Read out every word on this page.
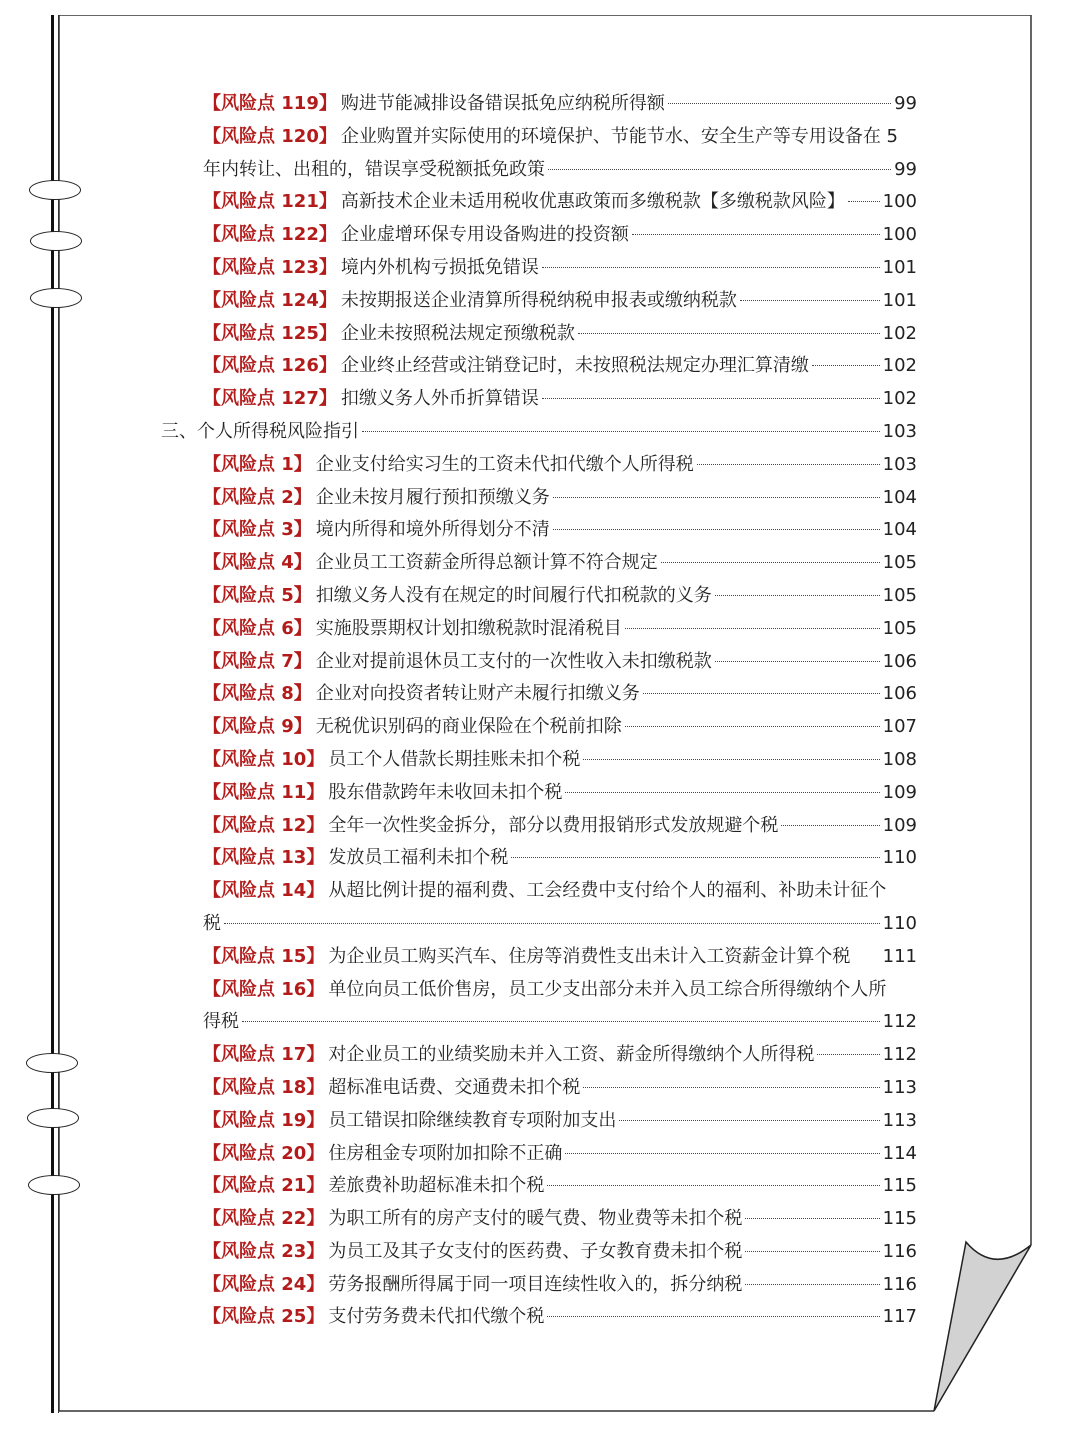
【风险点 119】 购进节能减排设备错误抵免应纳税所得额	99
【风险点 120】 企业购置并实际使用的环境保护、节能节水、安全生产等专用设备在 5
年内转让、出租的，错误享受税额抵免政策	99
【风险点 121】 高新技术企业未适用税收优惠政策而多缴税款【多缴税款风险】 100
【风险点 122】 企业虚增环保专用设备购进的投资额	100
【风险点 123】 境内外机构亏损抵免错误	101
【风险点 124】 未按期报送企业清算所得税纳税申报表或缴纳税款	101
【风险点 125】 企业未按照税法规定预缴税款	102
【风险点 126】 企业终止经营或注销登记时，未按照税法规定办理汇算清缴	102
【风险点 127】 扣缴义务人外币折算错误	102
三、个人所得税风险指引	103
【风险点 1】 企业支付给实习生的工资未代扣代缴个人所得税	103
【风险点 2】 企业未按月履行预扣预缴义务	104
【风险点 3】 境内所得和境外所得划分不清	104
【风险点 4】 企业员工工资薪金所得总额计算不符合规定	105
【风险点 5】 扣缴义务人没有在规定的时间履行代扣税款的义务	105
【风险点 6】 实施股票期权计划扣缴税款时混淆税目	105
【风险点 7】 企业对提前退休员工支付的一次性收入未扣缴税款	106
【风险点 8】 企业对向投资者转让财产未履行扣缴义务	106
【风险点 9】 无税优识别码的商业保险在个税前扣除	107
【风险点 10】 员工个人借款长期挂账未扣个税	108
【风险点 11】 股东借款跨年未收回未扣个税	109
【风险点 12】 全年一次性奖金拆分，部分以费用报销形式发放规避个税	109
【风险点 13】 发放员工福利未扣个税	110
【风险点 14】 从超比例计提的福利费、工会经费中支付给个人的福利、补助未计征个
税	110
【风险点 15】 为企业员工购买汽车、住房等消费性支出未计入工资薪金计算个税 111
【风险点 16】 单位向员工低价售房，员工少支出部分未并入员工综合所得缴纳个人所
得税	112
【风险点 17】 对企业员工的业绩奖励未并入工资、薪金所得缴纳个人所得税	112
【风险点 18】 超标准电话费、交通费未扣个税	113
【风险点 19】 员工错误扣除继续教育专项附加支出	113
【风险点 20】 住房租金专项附加扣除不正确	114
【风险点 21】 差旅费补助超标准未扣个税	115
【风险点 22】 为职工所有的房产支付的暖气费、物业费等未扣个税	115
【风险点 23】 为员工及其子女支付的医药费、子女教育费未扣个税	116
【风险点 24】 劳务报酬所得属于同一项目连续性收入的，拆分纳税	116
【风险点 25】 支付劳务费未代扣代缴个税	117
